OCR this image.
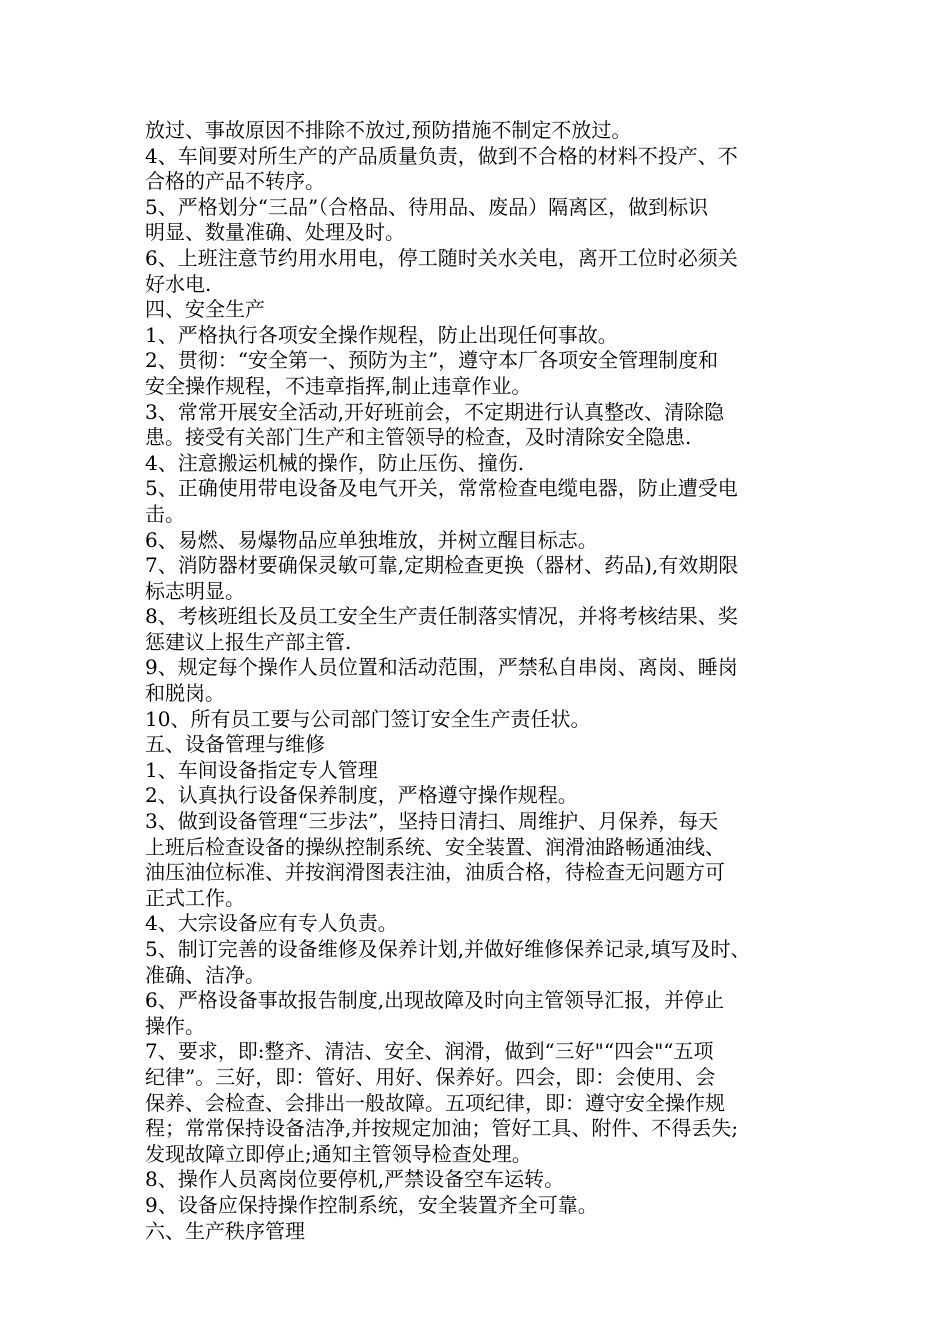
放过、事故原因不排除不放过,预防措施不制定不放过。
4、车间要对所生产的产品质量负责，做到不合格的材料不投产、不
合格的产品不转序。
5、严格划分“三品”（合格品、待用品、废品）隔离区，做到标识
明显、数量准确、处理及时。
6、上班注意节约用水用电，停工随时关水关电，离开工位时必须关
好水电.
四、安全生产
1、严格执行各项安全操作规程，防止出现任何事故。
2、贯彻：“安全第一、预防为主”，遵守本厂各项安全管理制度和
安全操作规程，不违章指挥,制止违章作业。
3、常常开展安全活动,开好班前会，不定期进行认真整改、清除隐
患。接受有关部门生产和主管领导的检查，及时清除安全隐患.
4、注意搬运机械的操作，防止压伤、撞伤.
5、正确使用带电设备及电气开关，常常检查电缆电器，防止遭受电
击。
6、易燃、易爆物品应单独堆放，并树立醒目标志。
7、消防器材要确保灵敏可靠,定期检查更换（器材、药品),有效期限
标志明显。
8、考核班组长及员工安全生产责任制落实情况，并将考核结果、奖
惩建议上报生产部主管.
9、规定每个操作人员位置和活动范围，严禁私自串岗、离岗、睡岗
和脱岗。
10、所有员工要与公司部门签订安全生产责任状。
五、设备管理与维修
1、车间设备指定专人管理
2、认真执行设备保养制度，严格遵守操作规程。
3、做到设备管理“三步法”，坚持日清扫、周维护、月保养，每天
上班后检查设备的操纵控制系统、安全装置、润滑油路畅通油线、
油压油位标准、并按润滑图表注油，油质合格，待检查无问题方可
正式工作。
4、大宗设备应有专人负责。
5、制订完善的设备维修及保养计划,并做好维修保养记录,填写及时、
准确、洁净。
6、严格设备事故报告制度,出现故障及时向主管领导汇报，并停止
操作。
7、要求，即:整齐、清洁、安全、润滑，做到“三好"“四会"“五项
纪律”。三好，即：管好、用好、保养好。四会，即：会使用、会
保养、会检查、会排出一般故障。五项纪律，即：遵守安全操作规
程；常常保持设备洁净,并按规定加油；管好工具、附件、不得丢失;
发现故障立即停止;通知主管领导检查处理。
8、操作人员离岗位要停机,严禁设备空车运转。
9、设备应保持操作控制系统，安全装置齐全可靠。
六、生产秩序管理
